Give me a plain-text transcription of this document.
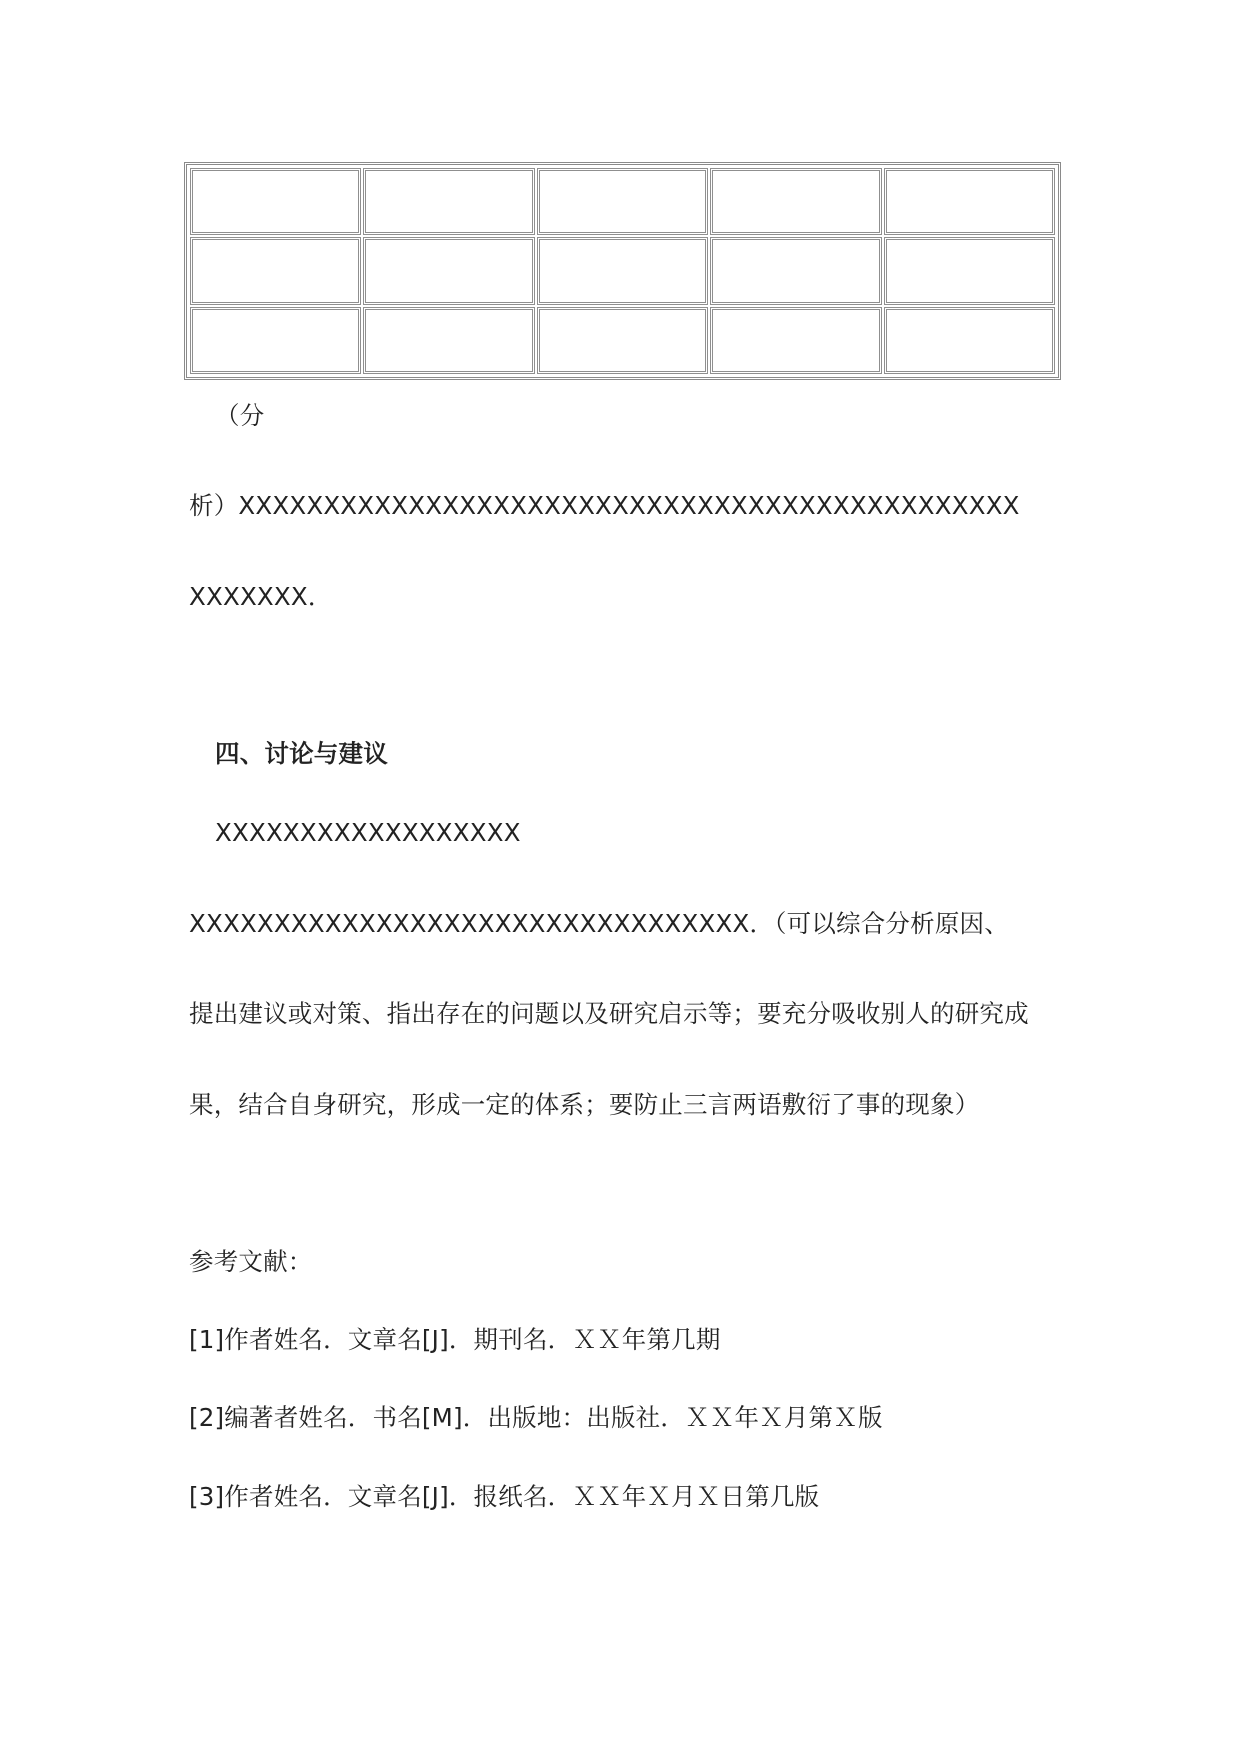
（分
析）XXXXXXXXXXXXXXXXXXXXXXXXXXXXXXXXXXXXXXXXXXXXXX
XXXXXXX．
四、讨论与建议
XXXXXXXXXXXXXXXXXX
XXXXXXXXXXXXXXXXXXXXXXXXXXXXXXXXX．（可以综合分析原因、
提出建议或对策、指出存在的问题以及研究启示等；要充分吸收别人的研究成
果，结合自身研究，形成一定的体系；要防止三言两语敷衍了事的现象）
参考文献：
[1]作者姓名．文章名[J]．期刊名．ＸＸ年第几期
[2]编著者姓名．书名[M]．出版地：出版社．ＸＸ年Ｘ月第Ｘ版
[3]作者姓名．文章名[J]．报纸名．ＸＸ年Ｘ月Ｘ日第几版
